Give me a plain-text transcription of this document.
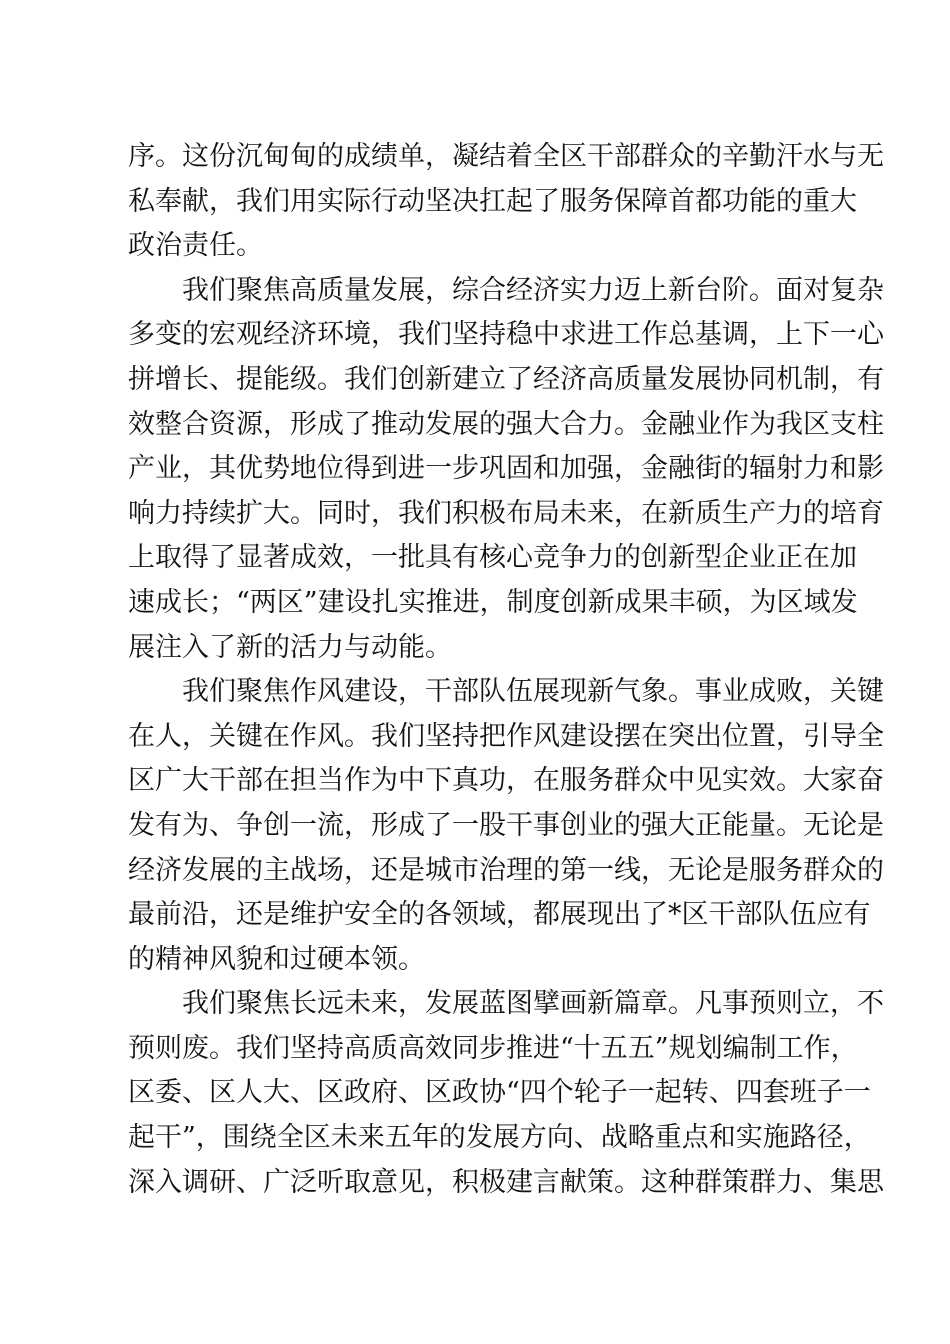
序。这份沉甸甸的成绩单，凝结着全区干部群众的辛勤汗水与无
私奉献，我们用实际行动坚决扛起了服务保障首都功能的重大
政治责任。
我们聚焦高质量发展，综合经济实力迈上新台阶。面对复杂
多变的宏观经济环境，我们坚持稳中求进工作总基调，上下一心
拼增长、提能级。我们创新建立了经济高质量发展协同机制，有
效整合资源，形成了推动发展的强大合力。金融业作为我区支柱
产业，其优势地位得到进一步巩固和加强，金融街的辐射力和影
响力持续扩大。同时，我们积极布局未来，在新质生产力的培育
上取得了显著成效，一批具有核心竞争力的创新型企业正在加
速成长；“两区”建设扎实推进，制度创新成果丰硕，为区域发
展注入了新的活力与动能。
我们聚焦作风建设，干部队伍展现新气象。事业成败，关键
在人，关键在作风。我们坚持把作风建设摆在突出位置，引导全
区广大干部在担当作为中下真功，在服务群众中见实效。大家奋
发有为、争创一流，形成了一股干事创业的强大正能量。无论是
经济发展的主战场，还是城市治理的第一线，无论是服务群众的
最前沿，还是维护安全的各领域，都展现出了*区干部队伍应有
的精神风貌和过硬本领。
我们聚焦长远未来，发展蓝图擘画新篇章。凡事预则立，不
预则废。我们坚持高质高效同步推进“十五五”规划编制工作，
区委、区人大、区政府、区政协“四个轮子一起转、四套班子一
起干”，围绕全区未来五年的发展方向、战略重点和实施路径，
深入调研、广泛听取意见，积极建言献策。这种群策群力、集思
